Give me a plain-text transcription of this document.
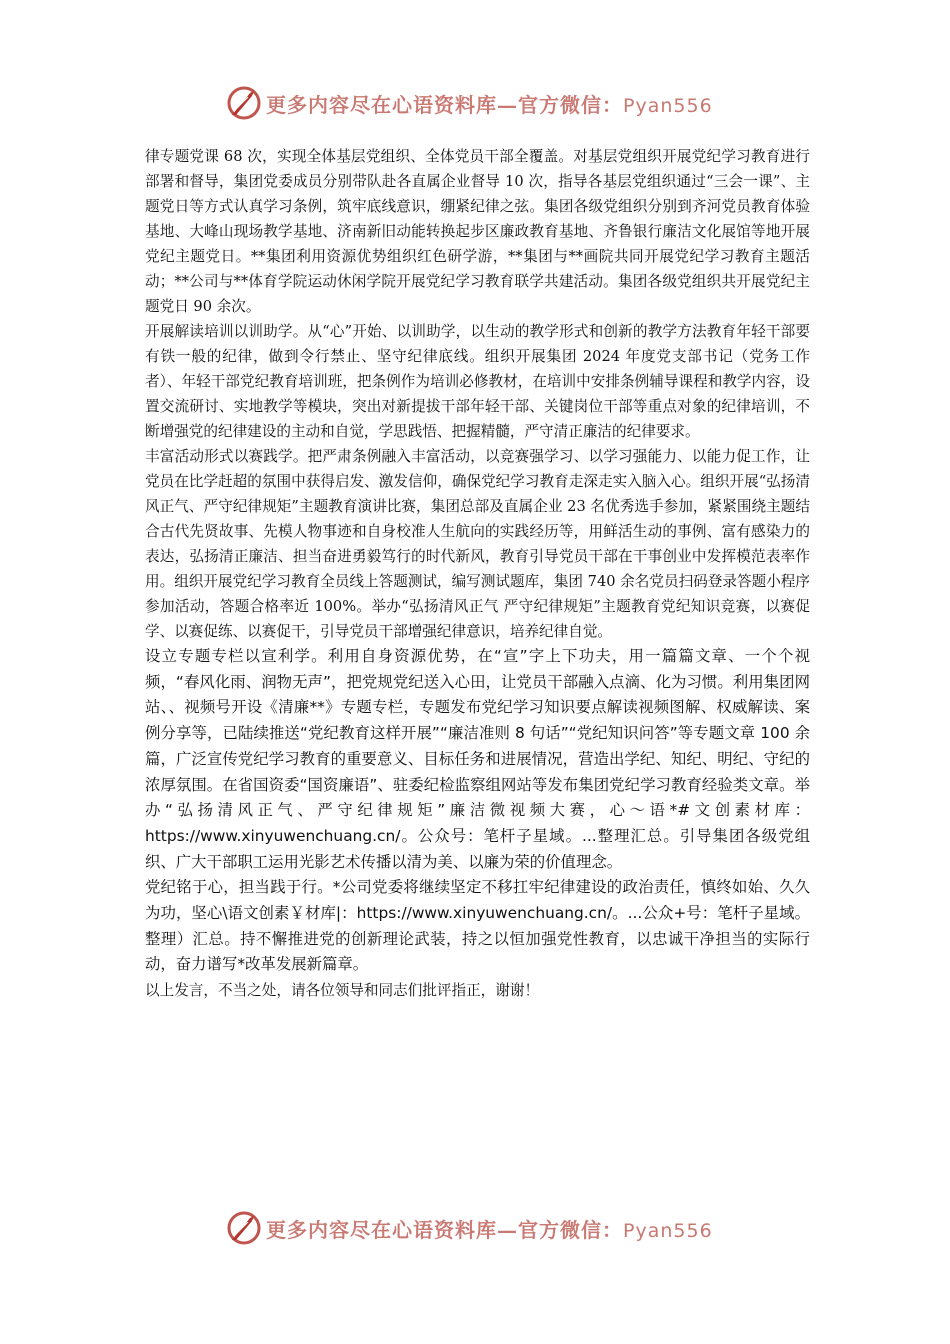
更多内容尽在心语资料库—官方微信：Pyan556

律专题党课 68 次，实现全体基层党组织、全体党员干部全覆盖。对基层党组织开展党纪学习教育进行部署和督导，集团党委成员分别带队赴各直属企业督导 10 次，指导各基层党组织通过“三会一课”、主题党日等方式认真学习条例，筑牢底线意识，绷紧纪律之弦。集团各级党组织分别到齐河党员教育体验基地、大峰山现场教学基地、济南新旧动能转换起步区廉政教育基地、齐鲁银行廉洁文化展馆等地开展党纪主题党日。**集团利用资源优势组织红色研学游，**集团与**画院共同开展党纪学习教育主题活动；**公司与**体育学院运动休闲学院开展党纪学习教育联学共建活动。集团各级党组织共开展党纪主题党日 90 余次。

开展解读培训以训助学。从“心”开始、以训助学，以生动的教学形式和创新的教学方法教育年轻干部要有铁一般的纪律，做到令行禁止、坚守纪律底线。组织开展集团 2024 年度党支部书记（党务工作者）、年轻干部党纪教育培训班，把条例作为培训必修教材，在培训中安排条例辅导课程和教学内容，设置交流研讨、实地教学等模块，突出对新提拔干部年轻干部、关键岗位干部等重点对象的纪律培训，不断增强党的纪律建设的主动和自觉，学思践悟、把握精髓，严守清正廉洁的纪律要求。

丰富活动形式以赛践学。把严肃条例融入丰富活动，以竞赛强学习、以学习强能力、以能力促工作，让党员在比学赶超的氛围中获得启发、激发信仰，确保党纪学习教育走深走实入脑入心。组织开展“弘扬清风正气、严守纪律规矩”主题教育演讲比赛，集团总部及直属企业 23 名优秀选手参加，紧紧围绕主题结合古代先贤故事、先模人物事迹和自身校准人生航向的实践经历等，用鲜活生动的事例、富有感染力的表达，弘扬清正廉洁、担当奋进勇毅笃行的时代新风，教育引导党员干部在干事创业中发挥模范表率作用。组织开展党纪学习教育全员线上答题测试，编写测试题库，集团 740 余名党员扫码登录答题小程序参加活动，答题合格率近 100%。举办“弘扬清风正气 严守纪律规矩”主题教育党纪知识竞赛，以赛促学、以赛促练、以赛促干，引导党员干部增强纪律意识，培养纪律自觉。

设立专题专栏以宣利学。利用自身资源优势，在“宣”字上下功夫，用一篇篇文章、一个个视频，“春风化雨、润物无声”，把党规党纪送入心田，让党员干部融入点滴、化为习惯。利用集团网站、、视频号开设《清廉**》专题专栏，专题发布党纪学习知识要点解读视频图解、权威解读、案例分享等，已陆续推送“党纪教育这样开展”“廉洁准则 8 句话”“党纪知识问答”等专题文章 100 余篇，广泛宣传党纪学习教育的重要意义、目标任务和进展情况，营造出学纪、知纪、明纪、守纪的浓厚氛围。在省国资委“国资廉语”、驻委纪检监察组网站等发布集团党纪学习教育经验类文章。举办“弘扬清风正气、严守纪律规矩”廉洁微视频大赛，心～语*#文创素材库：https://www.xinyuwenchuang.cn/。公众号：笔杆子星域。...整理汇总。引导集团各级党组织、广大干部职工运用光影艺术传播以清为美、以廉为荣的价值理念。

党纪铭于心，担当践于行。*公司党委将继续坚定不移扛牢纪律建设的政治责任，慎终如始、久久为功，坚心\语文创素￥材库|：https://www.xinyuwenchuang.cn/。...公众+号：笔杆子星域。整理）汇总。持不懈推进党的创新理论武装，持之以恒加强党性教育，以忠诚干净担当的实际行动，奋力谱写*改革发展新篇章。

以上发言，不当之处，请各位领导和同志们批评指正，谢谢！

更多内容尽在心语资料库—官方微信：Pyan556
